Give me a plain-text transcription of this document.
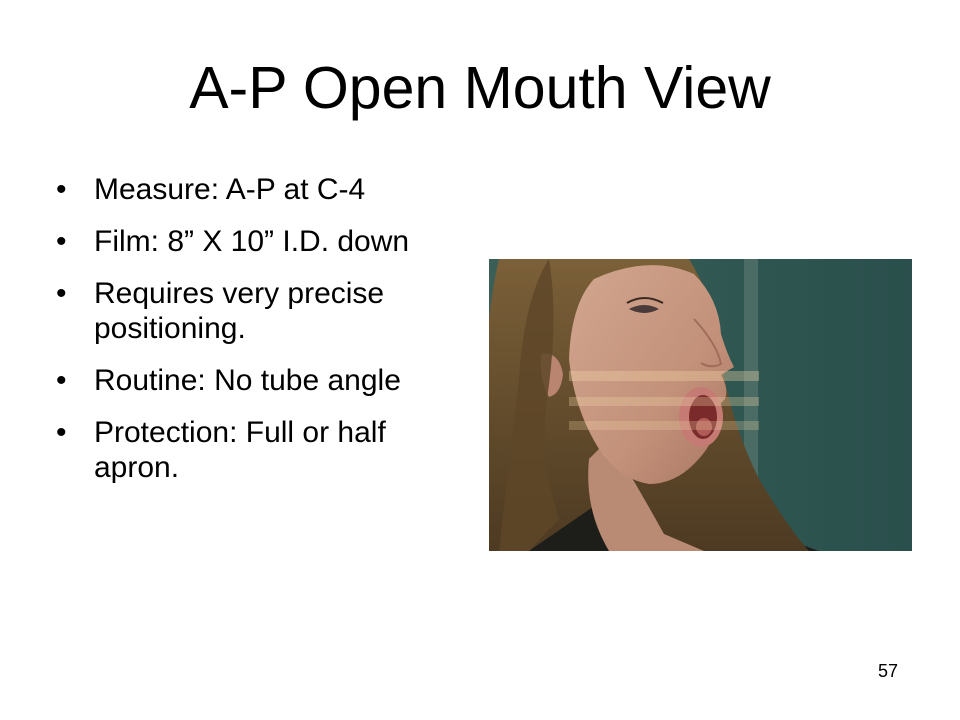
A-P Open Mouth View
• Measure: A-P at C-4
• Film: 8” X 10” I.D. down
• Requires very precise positioning.
• Routine: No tube angle
• Protection: Full or half apron.
57
